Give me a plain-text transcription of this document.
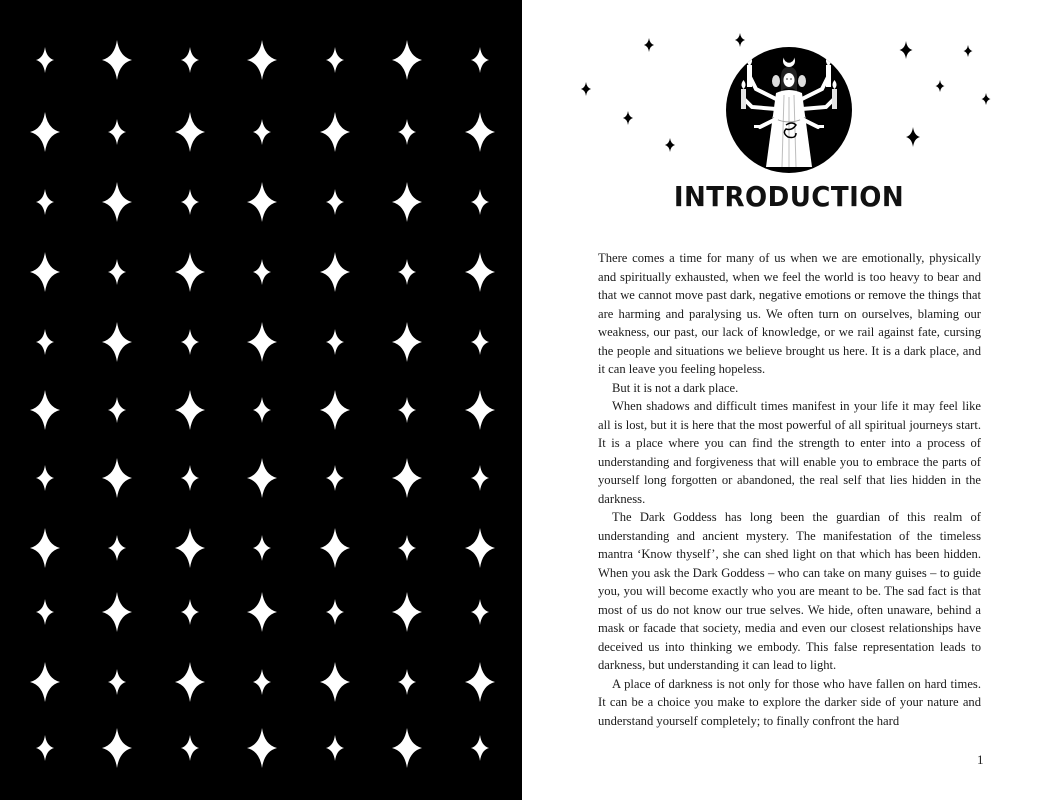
INTRODUCTION

There comes a time for many of us when we are emotionally, physically and spiritually exhausted, when we feel the world is too heavy to bear and that we cannot move past dark, negative emotions or remove the things that are harming and paralysing us. We often turn on ourselves, blaming our weakness, our past, our lack of knowledge, or we rail against fate, cursing the people and situations we believe brought us here. It is a dark place, and it can leave you feeling hopeless.

But it is not a dark place.

When shadows and difficult times manifest in your life it may feel like all is lost, but it is here that the most powerful of all spiritual journeys start. It is a place where you can find the strength to enter into a process of understanding and forgiveness that will enable you to embrace the parts of yourself long forgotten or abandoned, the real self that lies hidden in the darkness.

The Dark Goddess has long been the guardian of this realm of understanding and ancient mystery. The manifestation of the timeless mantra ‘Know thyself’, she can shed light on that which has been hidden. When you ask the Dark Goddess – who can take on many guises – to guide you, you will become exactly who you are meant to be. The sad fact is that most of us do not know our true selves. We hide, often unaware, behind a mask or facade that society, media and even our closest relationships have deceived us into thinking we embody. This false representation leads to darkness, but understanding it can lead to light.

A place of darkness is not only for those who have fallen on hard times. It can be a choice you make to explore the darker side of your nature and understand yourself completely; to finally confront the hard

1
